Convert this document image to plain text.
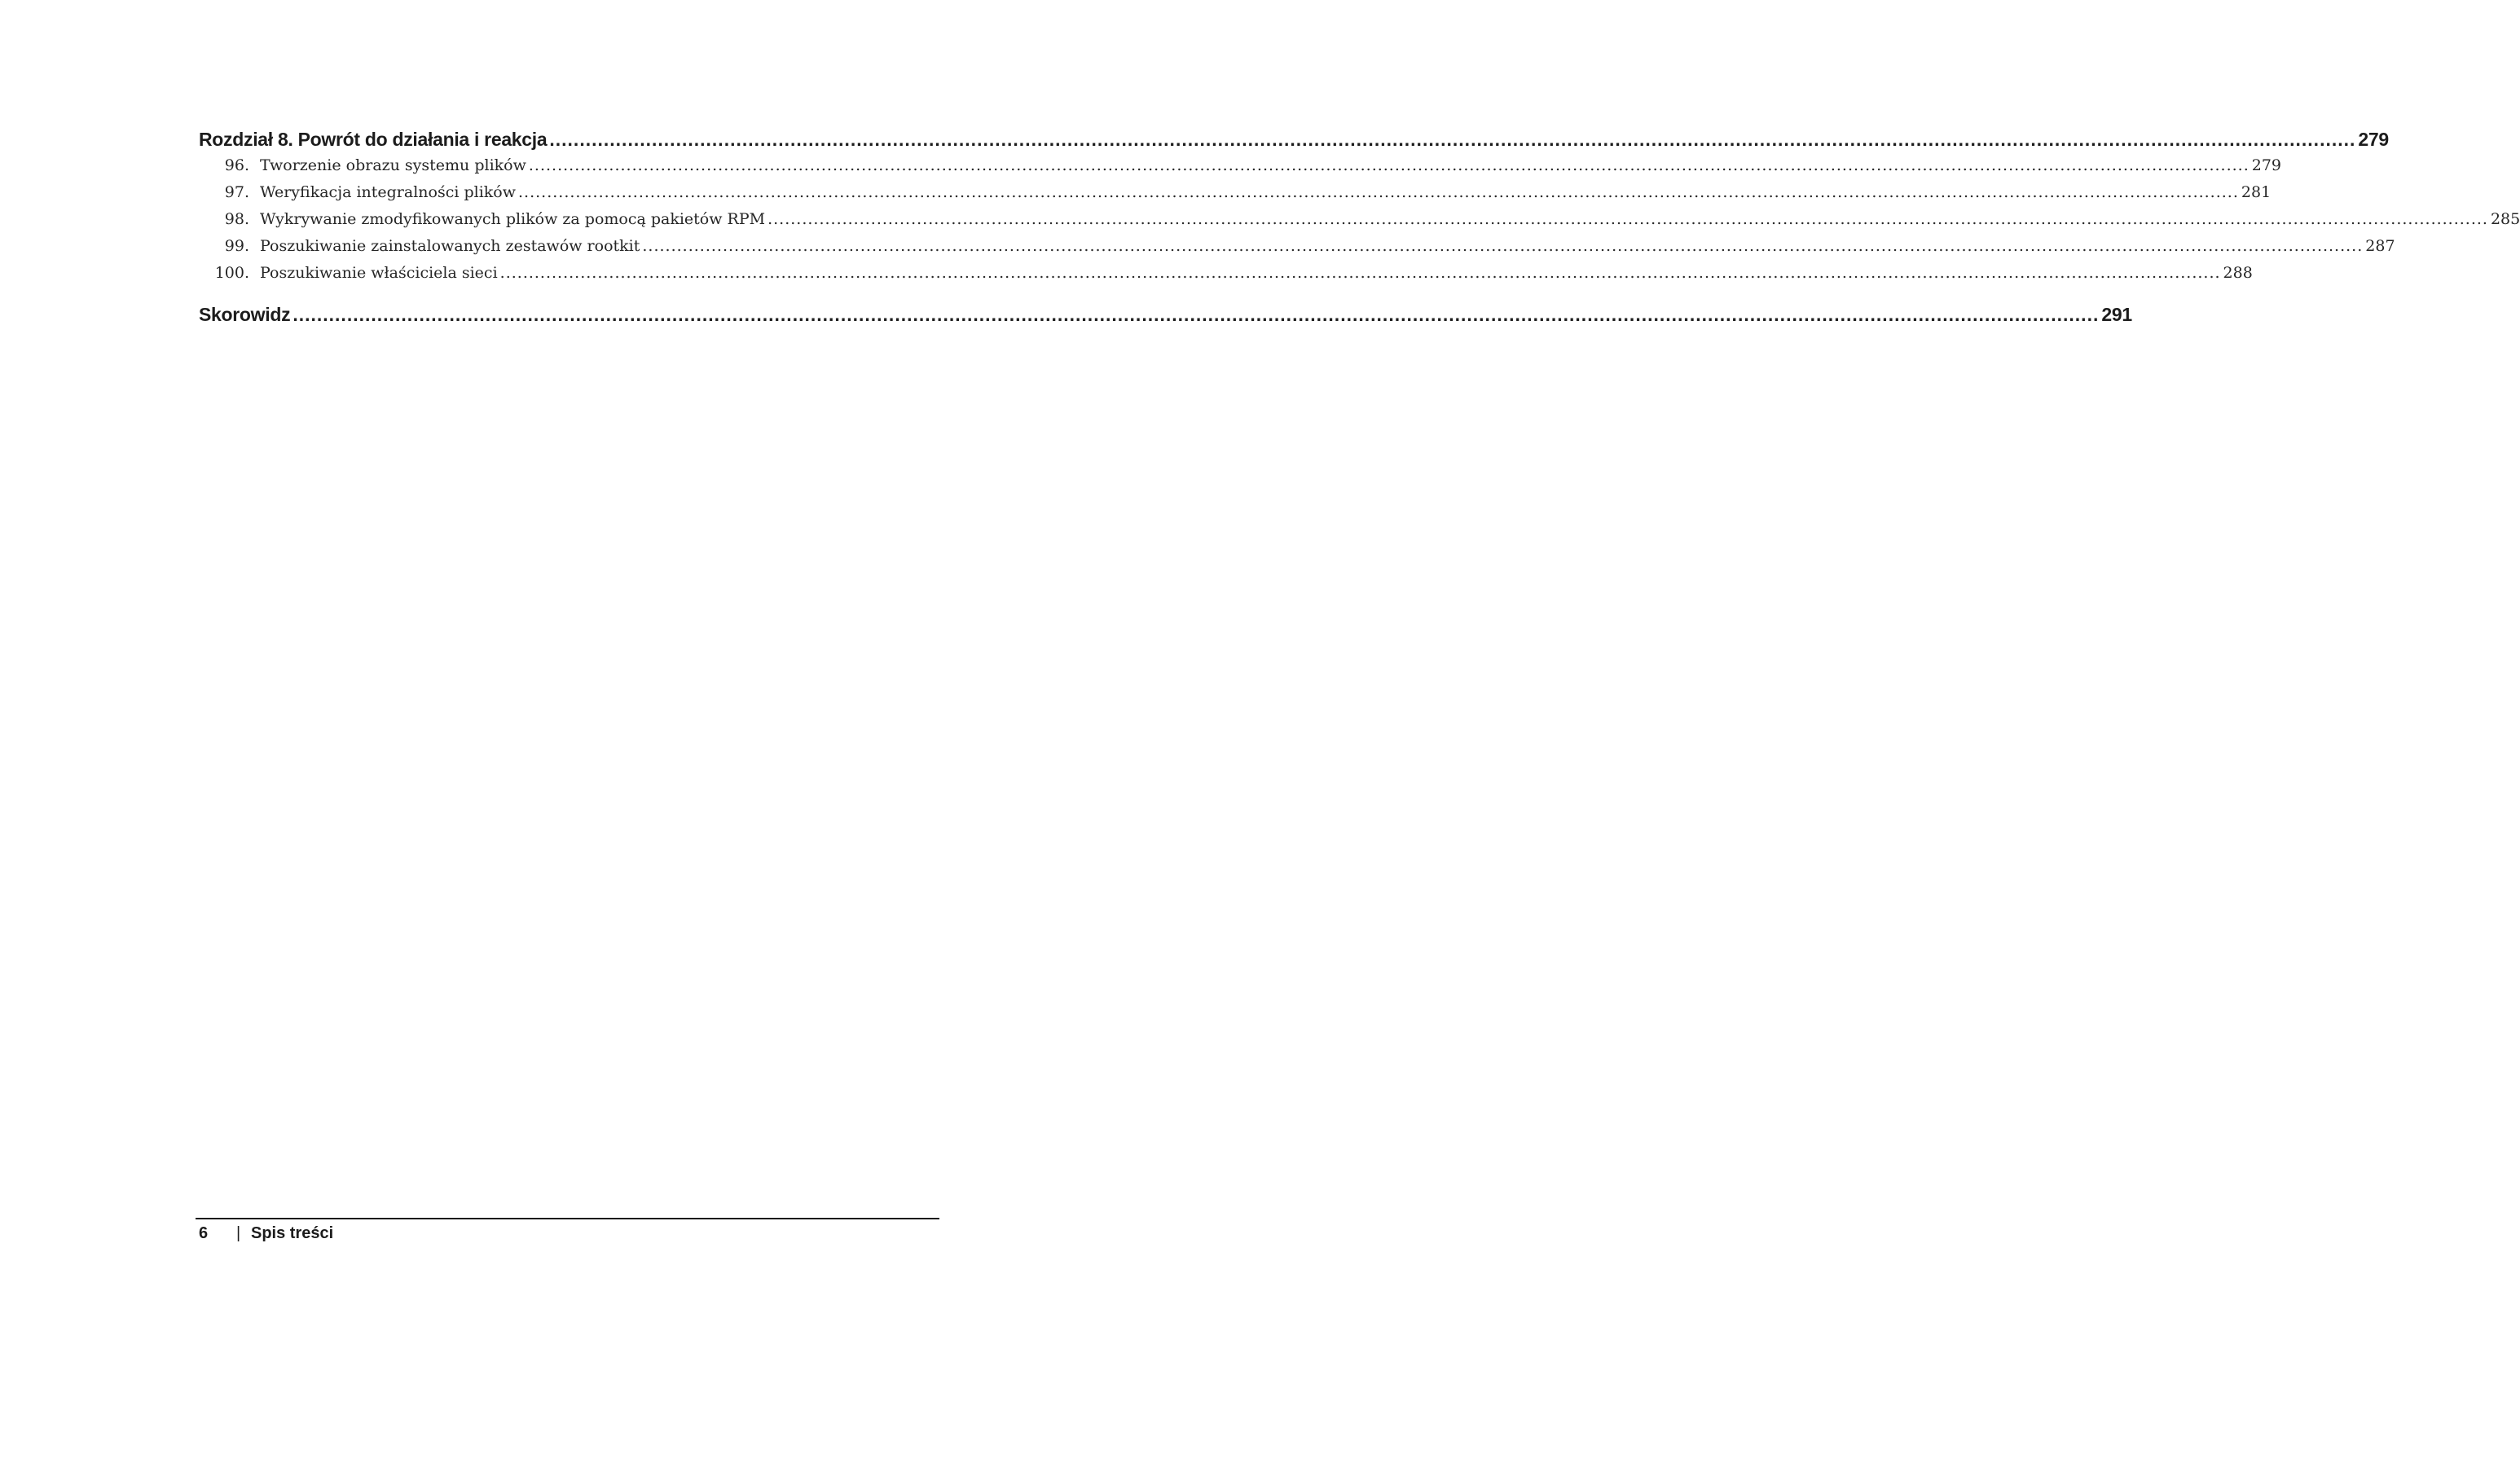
Rozdział 8. Powrót do działania i reakcja ............................................................................................................................................................................................................................................................................................................ 279
96. Tworzenie obrazu systemu plików ............................................................................................................................................................................................................................................................................................................ 279
97. Weryfikacja integralności plików ............................................................................................................................................................................................................................................................................................................ 281
98. Wykrywanie zmodyfikowanych plików za pomocą pakietów RPM ............................................................................................................................................................................................................................................................................................................ 285
99. Poszukiwanie zainstalowanych zestawów rootkit ............................................................................................................................................................................................................................................................................................................ 287
100. Poszukiwanie właściciela sieci ............................................................................................................................................................................................................................................................................................................ 288
Skorowidz ............................................................................................................................................................................................................................................................................................................ 291
6	| Spis treści
